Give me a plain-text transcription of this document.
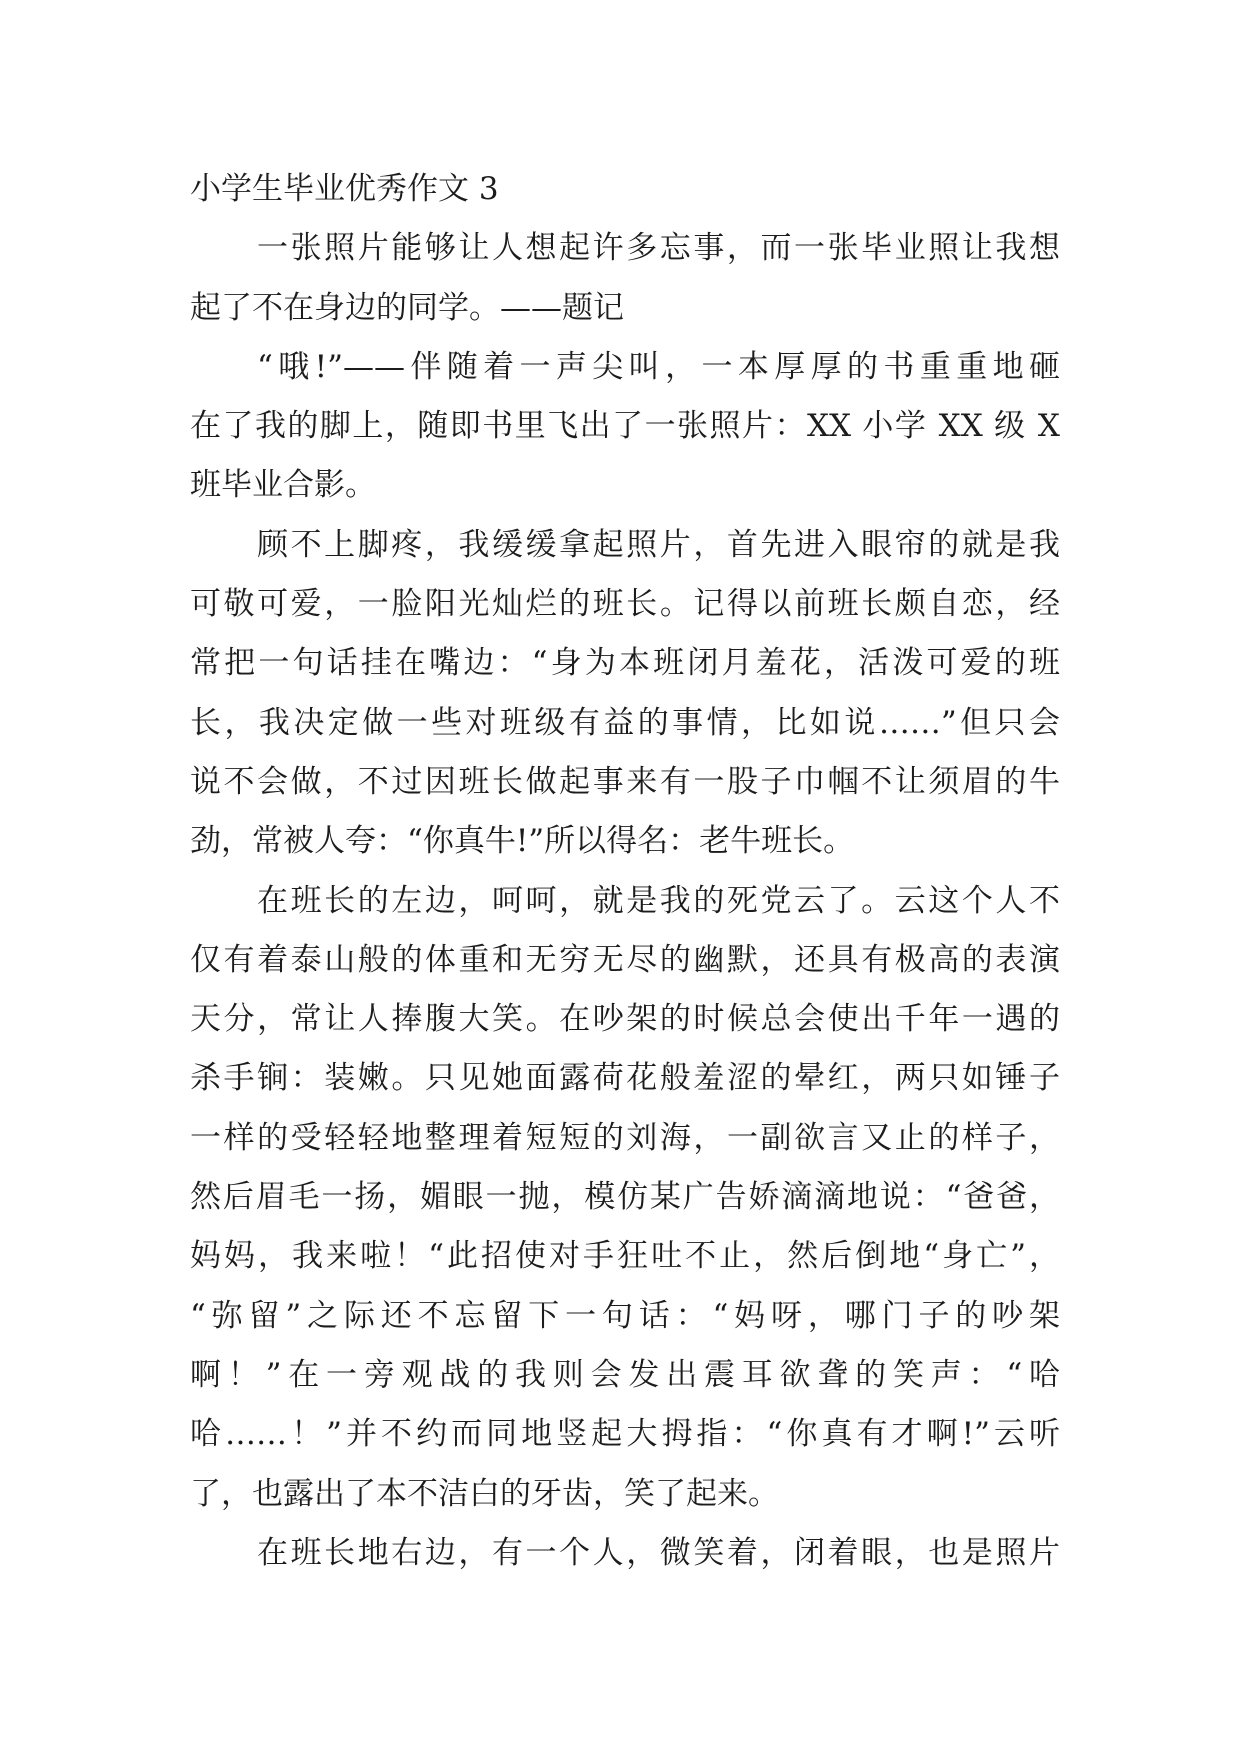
小学生毕业优秀作文 3
一张照片能够让人想起许多忘事，而一张毕业照让我想
起了不在身边的同学。——题记
“哦!”——伴随着一声尖叫，一本厚厚的书重重地砸
在了我的脚上，随即书里飞出了一张照片：XX 小学 XX 级 X
班毕业合影。
顾不上脚疼，我缓缓拿起照片，首先进入眼帘的就是我
可敬可爱，一脸阳光灿烂的班长。记得以前班长颇自恋，经
常把一句话挂在嘴边：“身为本班闭月羞花，活泼可爱的班
长，我决定做一些对班级有益的事情，比如说……”但只会
说不会做，不过因班长做起事来有一股子巾帼不让须眉的牛
劲，常被人夸：“你真牛!”所以得名：老牛班长。
在班长的左边，呵呵，就是我的死党云了。云这个人不
仅有着泰山般的体重和无穷无尽的幽默，还具有极高的表演
天分，常让人捧腹大笑。在吵架的时候总会使出千年一遇的
杀手锏：装嫩。只见她面露荷花般羞涩的晕红，两只如锤子
一样的受轻轻地整理着短短的刘海，一副欲言又止的样子，
然后眉毛一扬，媚眼一抛，模仿某广告娇滴滴地说：“爸爸，
妈妈，我来啦！“此招使对手狂吐不止，然后倒地“身亡”，
“弥留”之际还不忘留下一句话：“妈呀，哪门子的吵架
啊！”在一旁观战的我则会发出震耳欲聋的笑声：“哈
哈……！”并不约而同地竖起大拇指：“你真有才啊!”云听
了，也露出了本不洁白的牙齿，笑了起来。
在班长地右边，有一个人，微笑着，闭着眼，也是照片
